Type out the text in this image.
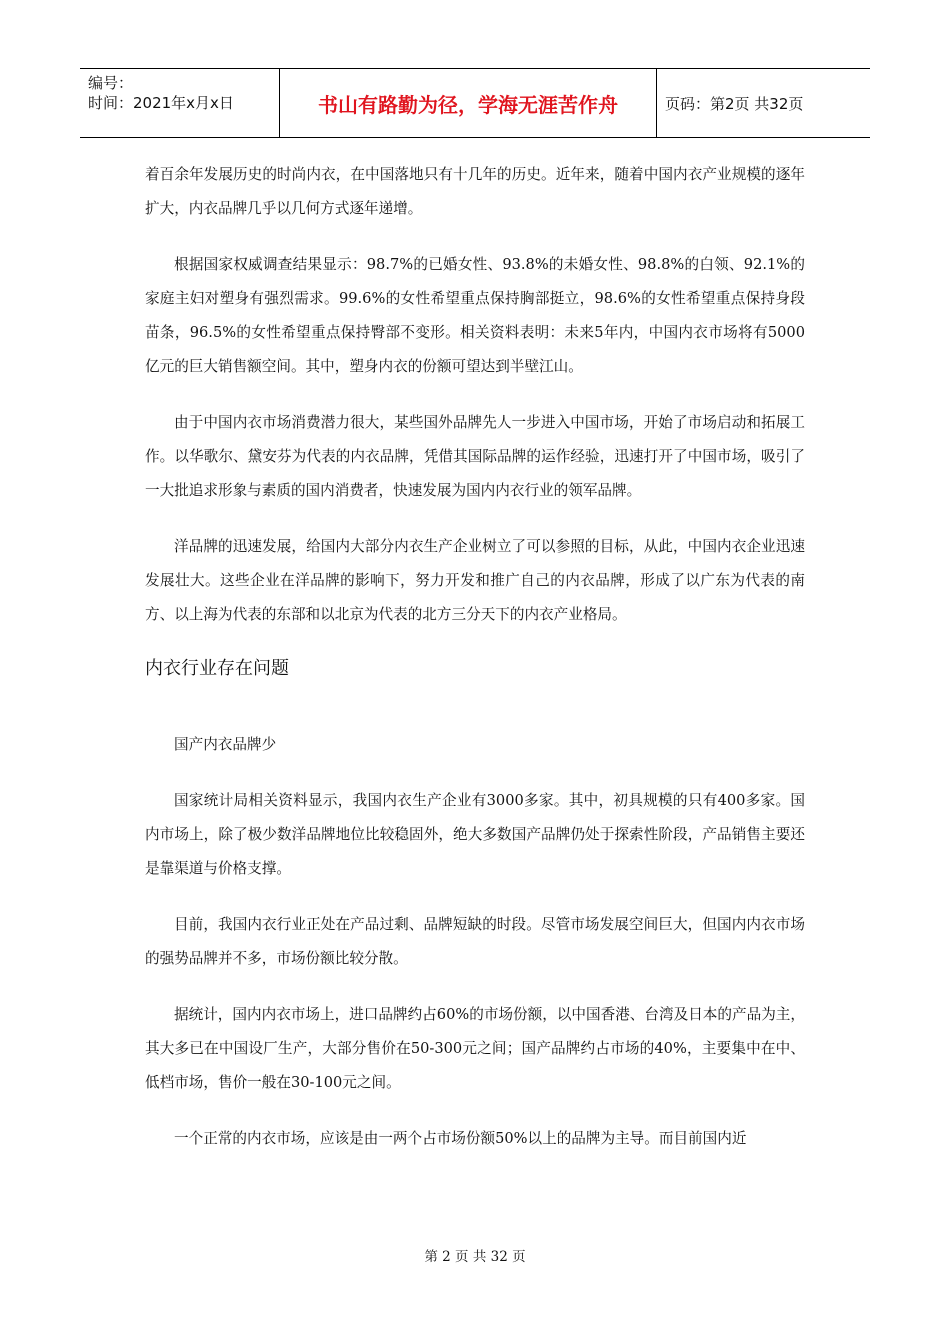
编号：
时间：2021年x月x日	书山有路勤为径，学海无涯苦作舟	页码：第2页 共32页

着百余年发展历史的时尚内衣，在中国落地只有十几年的历史。近年来，随着中国内衣产业规模的逐年扩大，内衣品牌几乎以几何方式逐年递增。

根据国家权威调查结果显示：98.7%的已婚女性、93.8%的未婚女性、98.8%的白领、92.1%的家庭主妇对塑身有强烈需求。99.6%的女性希望重点保持胸部挺立，98.6%的女性希望重点保持身段苗条，96.5%的女性希望重点保持臀部不变形。相关资料表明：未来5年内，中国内衣市场将有5000亿元的巨大销售额空间。其中，塑身内衣的份额可望达到半壁江山。

由于中国内衣市场消费潜力很大，某些国外品牌先人一步进入中国市场，开始了市场启动和拓展工作。以华歌尔、黛安芬为代表的内衣品牌，凭借其国际品牌的运作经验，迅速打开了中国市场，吸引了一大批追求形象与素质的国内消费者，快速发展为国内内衣行业的领军品牌。

洋品牌的迅速发展，给国内大部分内衣生产企业树立了可以参照的目标，从此，中国内衣企业迅速发展壮大。这些企业在洋品牌的影响下，努力开发和推广自己的内衣品牌，形成了以广东为代表的南方、以上海为代表的东部和以北京为代表的北方三分天下的内衣产业格局。

内衣行业存在问题

国产内衣品牌少

国家统计局相关资料显示，我国内衣生产企业有3000多家。其中，初具规模的只有400多家。国内市场上，除了极少数洋品牌地位比较稳固外，绝大多数国产品牌仍处于探索性阶段，产品销售主要还是靠渠道与价格支撑。

目前，我国内衣行业正处在产品过剩、品牌短缺的时段。尽管市场发展空间巨大，但国内内衣市场的强势品牌并不多，市场份额比较分散。

据统计，国内内衣市场上，进口品牌约占60%的市场份额，以中国香港、台湾及日本的产品为主，其大多已在中国设厂生产，大部分售价在50-300元之间；国产品牌约占市场的40%，主要集中在中、低档市场，售价一般在30-100元之间。

一个正常的内衣市场，应该是由一两个占市场份额50%以上的品牌为主导。而目前国内近

第 2 页 共 32 页
